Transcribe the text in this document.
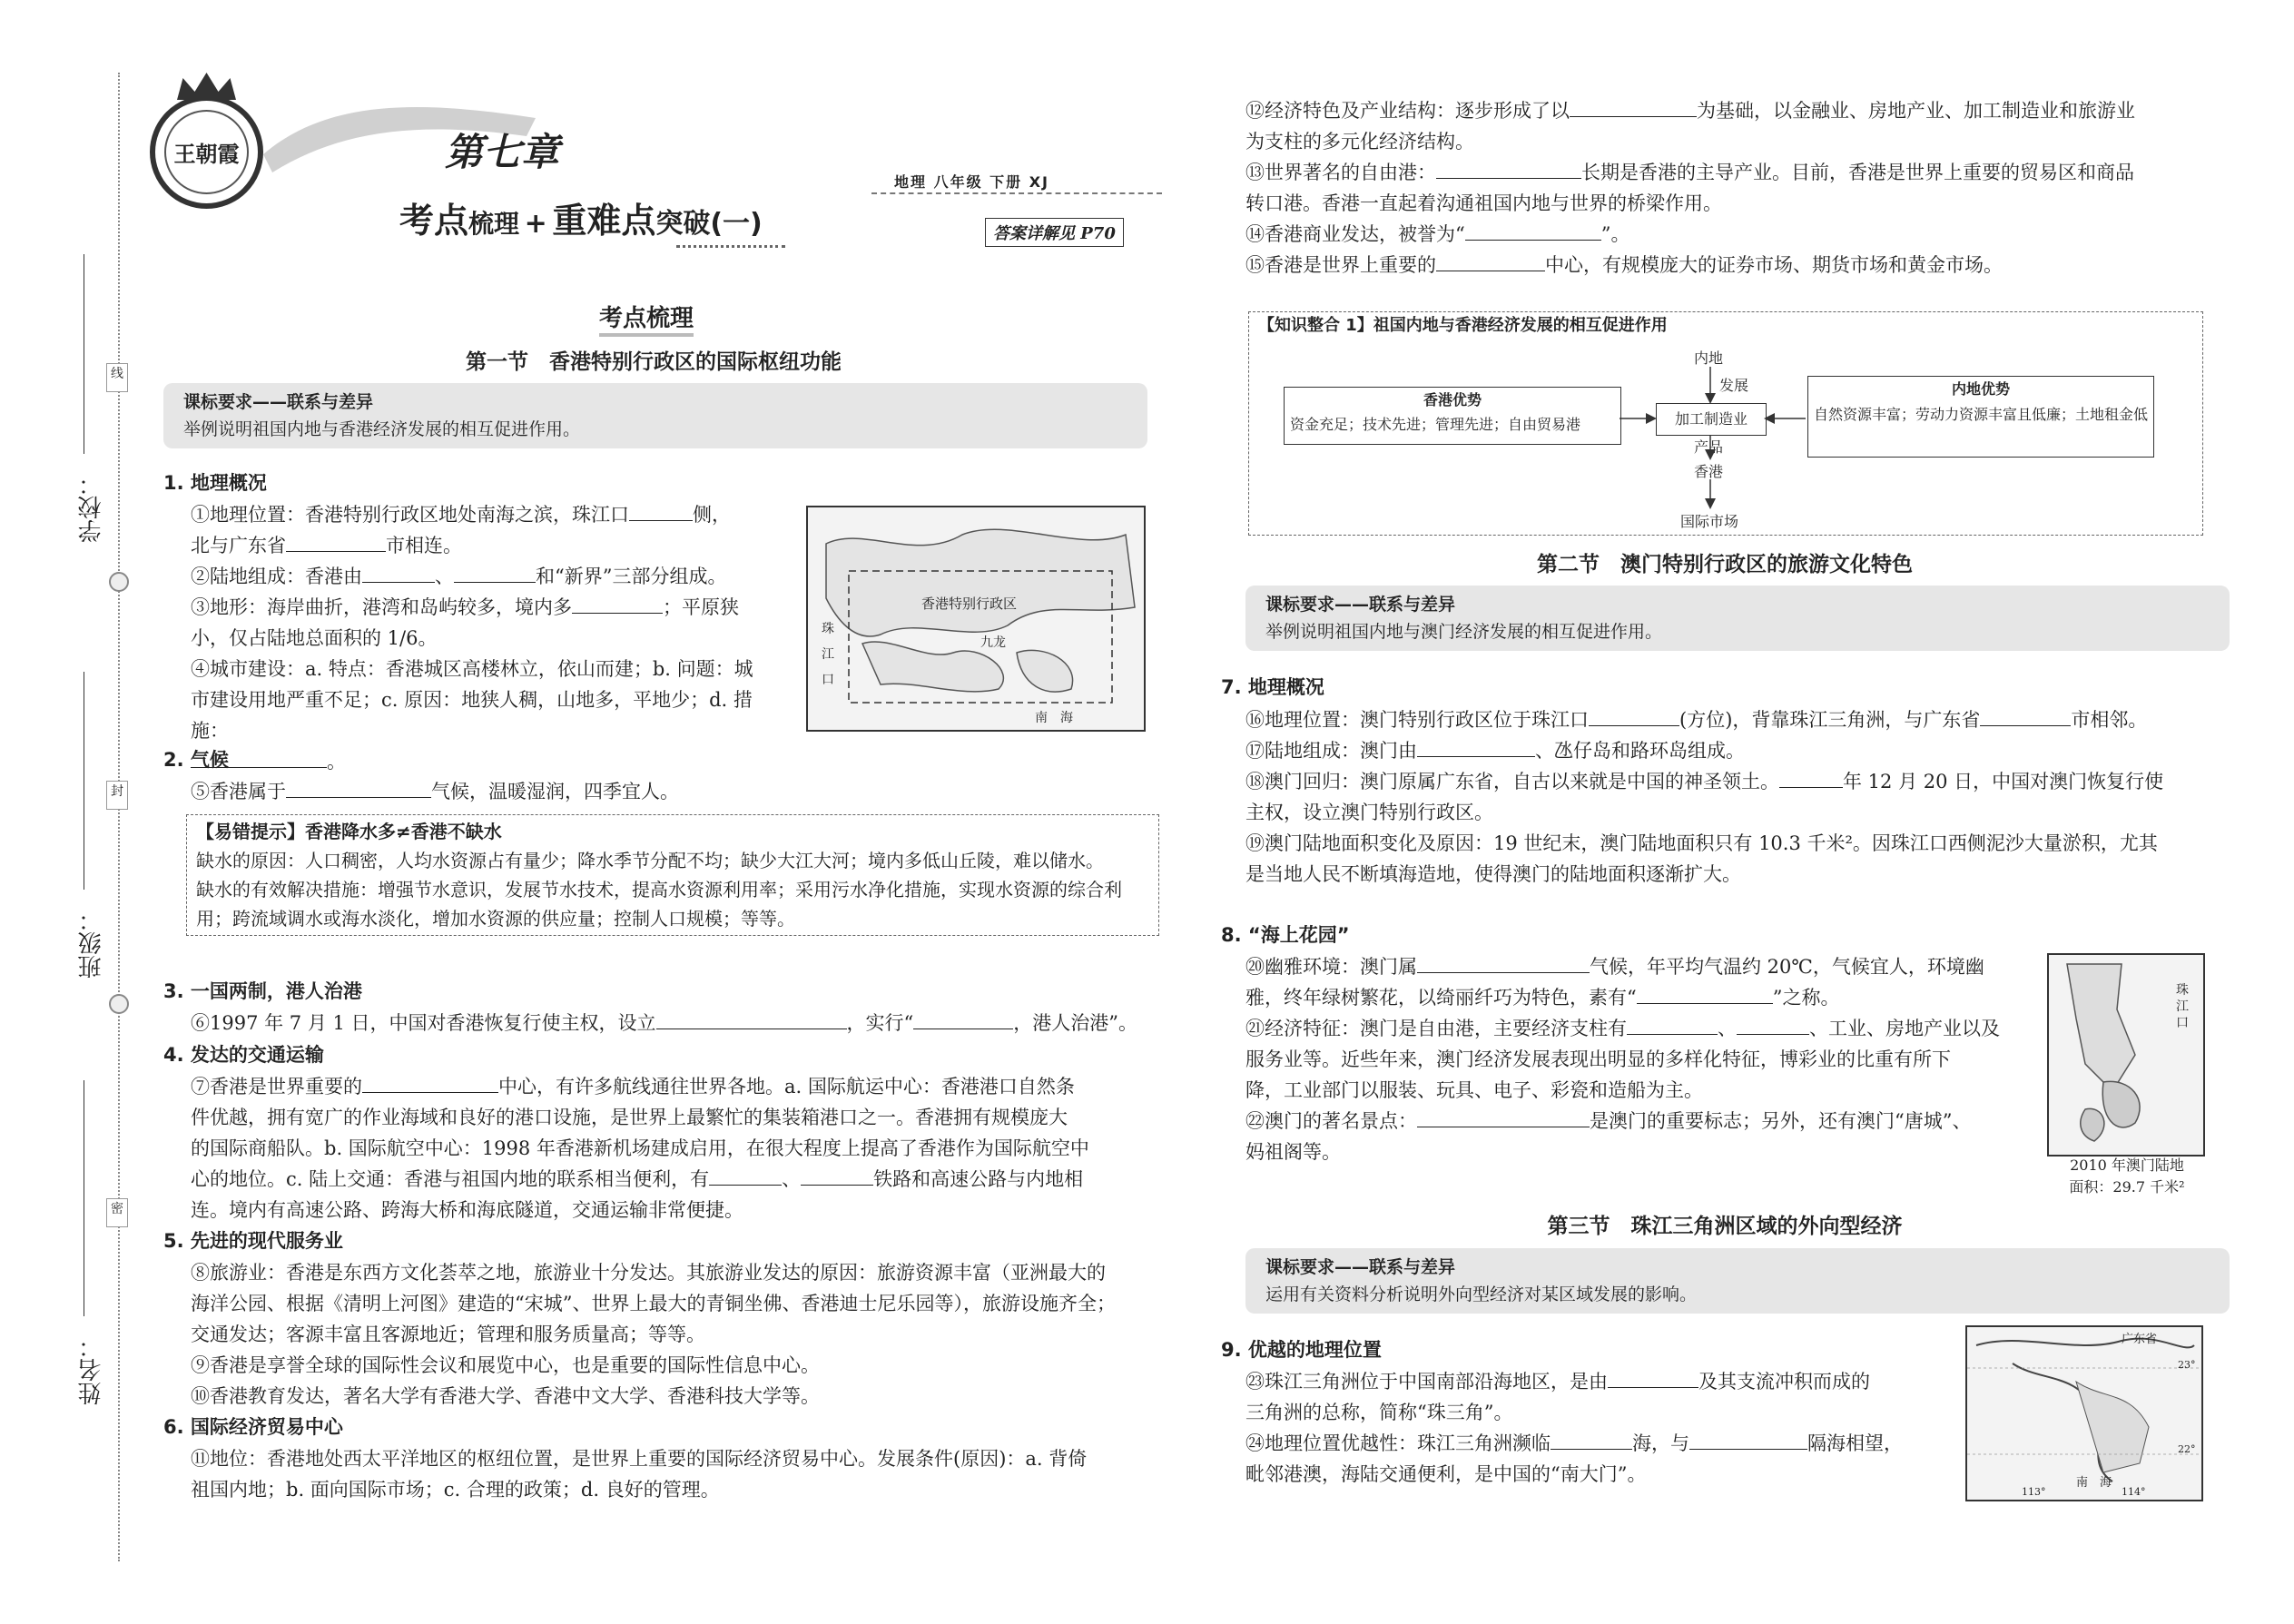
学校：
班级：
姓名：
线
封
密
王朝霞	第七章
考点梳理 + 重难点突破(一)
地理 八年级 下册 XJ
答案详解见 P70
考点梳理
第一节　香港特别行政区的国际枢纽功能
课标要求——联系与差异
举例说明祖国内地与香港经济发展的相互促进作用。
1. 地理概况
①地理位置：香港特别行政区地处南海之滨，珠江口	侧，
北与广东省	市相连。
②陆地组成：香港由	、	和“新界”三部分组成。
③地形：海岸曲折，港湾和岛屿较多，境内多	；平原狭
小，仅占陆地总面积的 1/6。
④城市建设：a. 特点：香港城区高楼林立，依山而建；b. 问题：城
市建设用地严重不足；c. 原因：地狭人稠，山地多，平地少；d. 措施：
。
香港特别行政区
九龙
珠江口
南　海
2. 气候
⑤香港属于	气候，温暖湿润，四季宜人。
【易错提示】香港降水多≠香港不缺水
缺水的原因：人口稠密，人均水资源占有量少；降水季节分配不均；缺少大江大河；境内多低山丘陵，难以储水。
缺水的有效解决措施：增强节水意识，发展节水技术，提高水资源利用率；采用污水净化措施，实现水资源的综合利用；跨流域调水或海水淡化，增加水资源的供应量；控制人口规模；等等。
3. 一国两制，港人治港
⑥1997 年 7 月 1 日，中国对香港恢复行使主权，设立	，实行“	，港人治港”。
4. 发达的交通运输
⑦香港是世界重要的	中心，有许多航线通往世界各地。a. 国际航运中心：香港港口自然条
件优越，拥有宽广的作业海域和良好的港口设施，是世界上最繁忙的集装箱港口之一。香港拥有规模庞大
的国际商船队。b. 国际航空中心：1998 年香港新机场建成启用，在很大程度上提高了香港作为国际航空中
心的地位。c. 陆上交通：香港与祖国内地的联系相当便利，有	、	铁路和高速公路与内地相
连。境内有高速公路、跨海大桥和海底隧道，交通运输非常便捷。
5. 先进的现代服务业
⑧旅游业：香港是东西方文化荟萃之地，旅游业十分发达。其旅游业发达的原因：旅游资源丰富（亚洲最大的
海洋公园、根据《清明上河图》建造的“宋城”、世界上最大的青铜坐佛、香港迪士尼乐园等），旅游设施齐全；
交通发达；客源丰富且客源地近；管理和服务质量高；等等。
⑨香港是享誉全球的国际性会议和展览中心，也是重要的国际性信息中心。
⑩香港教育发达，著名大学有香港大学、香港中文大学、香港科技大学等。
6. 国际经济贸易中心
⑪地位：香港地处西太平洋地区的枢纽位置，是世界上重要的国际经济贸易中心。发展条件(原因)：a. 背倚
祖国内地；b. 面向国际市场；c. 合理的政策；d. 良好的管理。
⑫经济特色及产业结构：逐步形成了以	为基础，以金融业、房地产业、加工制造业和旅游业
为支柱的多元化经济结构。
⑬世界著名的自由港：	长期是香港的主导产业。目前，香港是世界上重要的贸易区和商品
转口港。香港一直起着沟通祖国内地与世界的桥梁作用。
⑭香港商业发达，被誉为“	”。
⑮香港是世界上重要的	中心，有规模庞大的证券市场、期货市场和黄金市场。
【知识整合 1】祖国内地与香港经济发展的相互促进作用
香港优势
资金充足；技术先进；管理先进；自由贸易港
内地优势
自然资源丰富；劳动力资源丰富且低廉；土地租金低
加工制造业
内地
发展
产品
香港
国际市场
第二节　澳门特别行政区的旅游文化特色
课标要求——联系与差异
举例说明祖国内地与澳门经济发展的相互促进作用。
7. 地理概况
⑯地理位置：澳门特别行政区位于珠江口	(方位)，背靠珠江三角洲，与广东省	市相邻。
⑰陆地组成：澳门由	、氹仔岛和路环岛组成。
⑱澳门回归：澳门原属广东省，自古以来就是中国的神圣领土。	年 12 月 20 日，中国对澳门恢复行使
主权，设立澳门特别行政区。
⑲澳门陆地面积变化及原因：19 世纪末，澳门陆地面积只有 10.3 千米²。因珠江口西侧泥沙大量淤积，尤其
是当地人民不断填海造地，使得澳门的陆地面积逐渐扩大。
8. “海上花园”
⑳幽雅环境：澳门属	气候，年平均气温约 20℃，气候宜人，环境幽
雅，终年绿树繁花，以绮丽纤巧为特色，素有“	”之称。
㉑经济特征：澳门是自由港，主要经济支柱有	、	、工业、房地产业以及
服务业等。近些年来，澳门经济发展表现出明显的多样化特征，博彩业的比重有所下
降，工业部门以服装、玩具、电子、彩瓷和造船为主。
㉒澳门的著名景点：	是澳门的重要标志；另外，还有澳门“唐城”、
妈祖阁等。
珠江口
2010 年澳门陆地
面积：29.7 千米²
第三节　珠江三角洲区域的外向型经济
课标要求——联系与差异
运用有关资料分析说明外向型经济对某区域发展的影响。
9. 优越的地理位置
㉓珠江三角洲位于中国南部沿海地区，是由	及其支流冲积而成的
三角洲的总称，简称“珠三角”。
㉔地理位置优越性：珠江三角洲濒临	海，与	隔海相望，
毗邻港澳，海陆交通便利，是中国的“南大门”。
广东省
南　海
23°
22°
113°	114°
